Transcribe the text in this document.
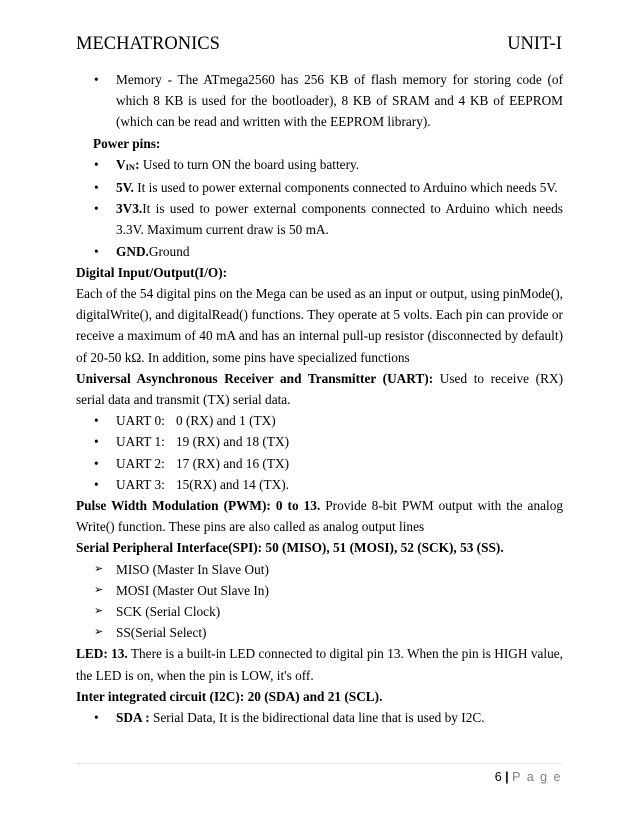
MECHATRONICS	UNIT-I
•	Memory - The ATmega2560 has 256 KB of flash memory for storing code (of which 8 KB is used for the bootloader), 8 KB of SRAM and 4 KB of EEPROM (which can be read and written with the EEPROM library).
Power pins:
•	$V_{IN}$: Used to turn ON the board using battery.
•	5V. It is used to power external components connected to Arduino which needs 5V.
•	3V3.It is used to power external components connected to Arduino which needs 3.3V. Maximum current draw is 50 mA.
•	GND.Ground
Digital Input/Output(I/O):

Each of the 54 digital pins on the Mega can be used as an input or output, using pinMode(), digitalWrite(), and digitalRead() functions. They operate at 5 volts. Each pin can provide or receive a maximum of 40 mA and has an internal pull-up resistor (disconnected by default) of 20-50 kΩ. In addition, some pins have specialized functions

Universal Asynchronous Receiver and Transmitter (UART): Used to receive (RX) serial data and transmit (TX) serial data.

•	UART 0: 0 (RX) and 1 (TX)
•	UART 1: 19 (RX) and 18 (TX)
•	UART 2: 17 (RX) and 16 (TX)
•	UART 3: 15(RX) and 14 (TX).

Pulse Width Modulation (PWM): 0 to 13. Provide 8-bit PWM output with the analog Write() function. These pins are also called as analog output lines

Serial Peripheral Interface(SPI): 50 (MISO), 51 (MOSI), 52 (SCK), 53 (SS).
➢ MISO (Master In Slave Out)
➢ MOSI (Master Out Slave In)
➢ SCK (Serial Clock)
➢ SS(Serial Select)

LED: 13. There is a built-in LED connected to digital pin 13. When the pin is HIGH value, the LED is on, when the pin is LOW, it's off.

Inter integrated circuit (I2C): 20 (SDA) and 21 (SCL).
•	SDA : Serial Data, It is the bidirectional data line that is used by I2C.
6 | P a g e
